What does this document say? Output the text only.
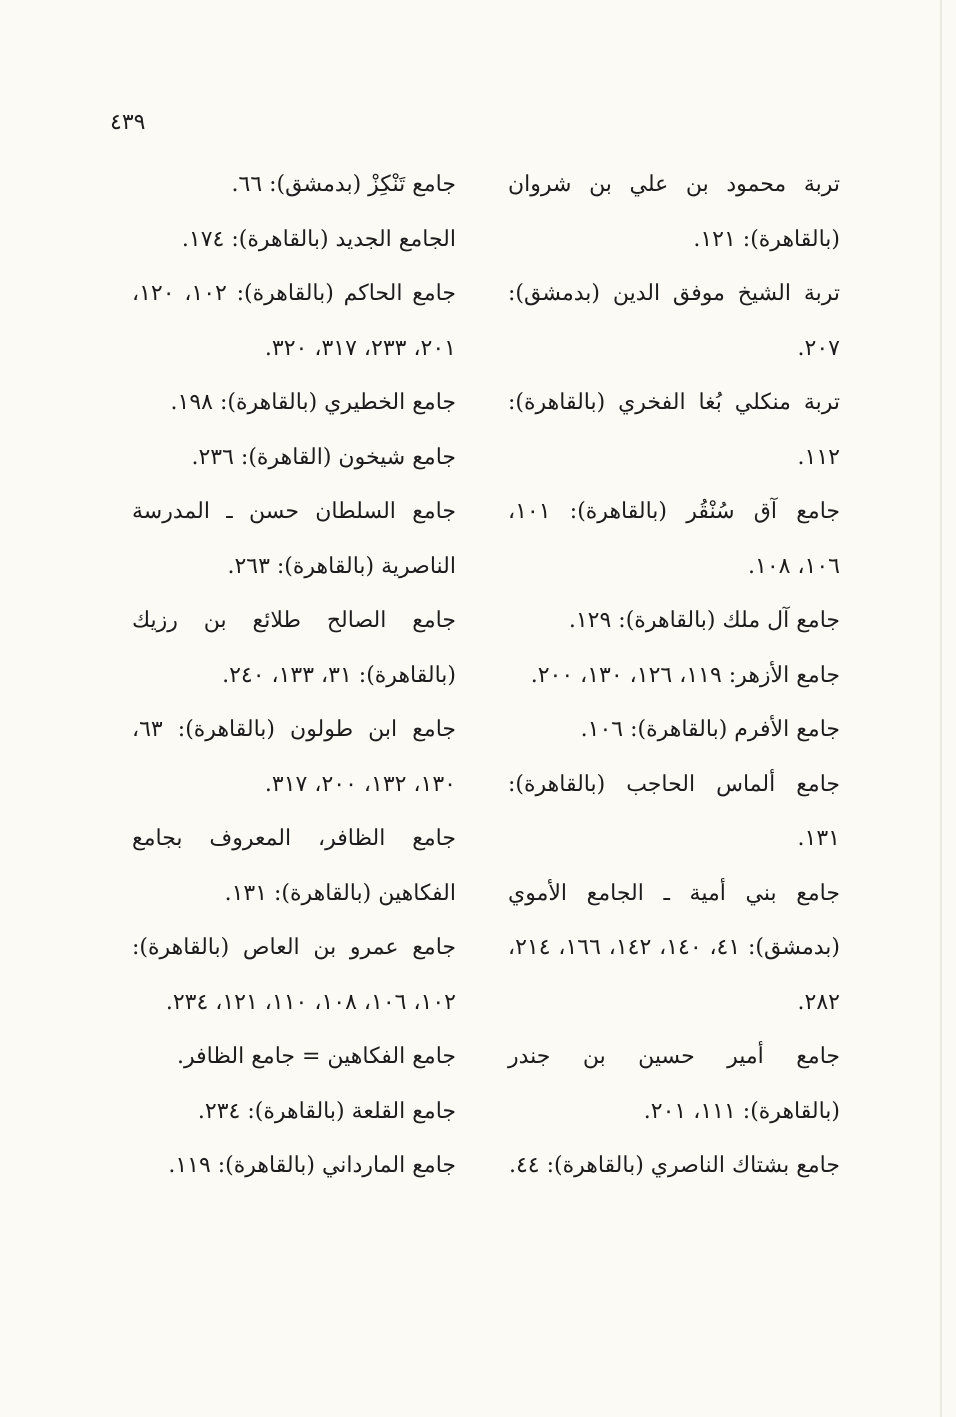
٤٣٩

تربة محمود بن علي بن شروان (بالقاهرة): ١٢١.

تربة الشيخ موفق الدين (بدمشق): ٢٠٧.

تربة منكلي بُغا الفخري (بالقاهرة): ١١٢.

جامع آق سُنْقُر (بالقاهرة): ١٠١، ١٠٦، ١٠٨.

جامع آل ملك (بالقاهرة): ١٢٩.

جامع الأزهر: ١١٩، ١٢٦، ١٣٠، ٢٠٠.

جامع الأفرم (بالقاهرة): ١٠٦.

جامع ألماس الحاجب (بالقاهرة): ١٣١.

جامع بني أمية ـ الجامع الأموي (بدمشق): ٤١، ١٤٠، ١٤٢، ١٦٦، ٢١٤، ٢٨٢.

جامع أمير حسين بن جندر (بالقاهرة): ١١١، ٢٠١.

جامع بشتاك الناصري (بالقاهرة): ٤٤.

جامع تَنْكِزْ (بدمشق): ٦٦.

الجامع الجديد (بالقاهرة): ١٧٤.

جامع الحاكم (بالقاهرة): ١٠٢، ١٢٠، ٢٠١، ٢٣٣، ٣١٧، ٣٢٠.

جامع الخطيري (بالقاهرة): ١٩٨.

جامع شيخون (القاهرة): ٢٣٦.

جامع السلطان حسن ـ المدرسة الناصرية (بالقاهرة): ٢٦٣.

جامع الصالح طلائع بن رزيك (بالقاهرة): ٣١، ١٣٣، ٢٤٠.

جامع ابن طولون (بالقاهرة): ٦٣، ١٣٠، ١٣٢، ٢٠٠، ٣١٧.

جامع الظافر، المعروف بجامع الفكاهين (بالقاهرة): ١٣١.

جامع عمرو بن العاص (بالقاهرة): ١٠٢، ١٠٦، ١٠٨، ١١٠، ١٢١، ٢٣٤.

جامع الفكاهين = جامع الظافر.

جامع القلعة (بالقاهرة): ٢٣٤.

جامع المارداني (بالقاهرة): ١١٩.
